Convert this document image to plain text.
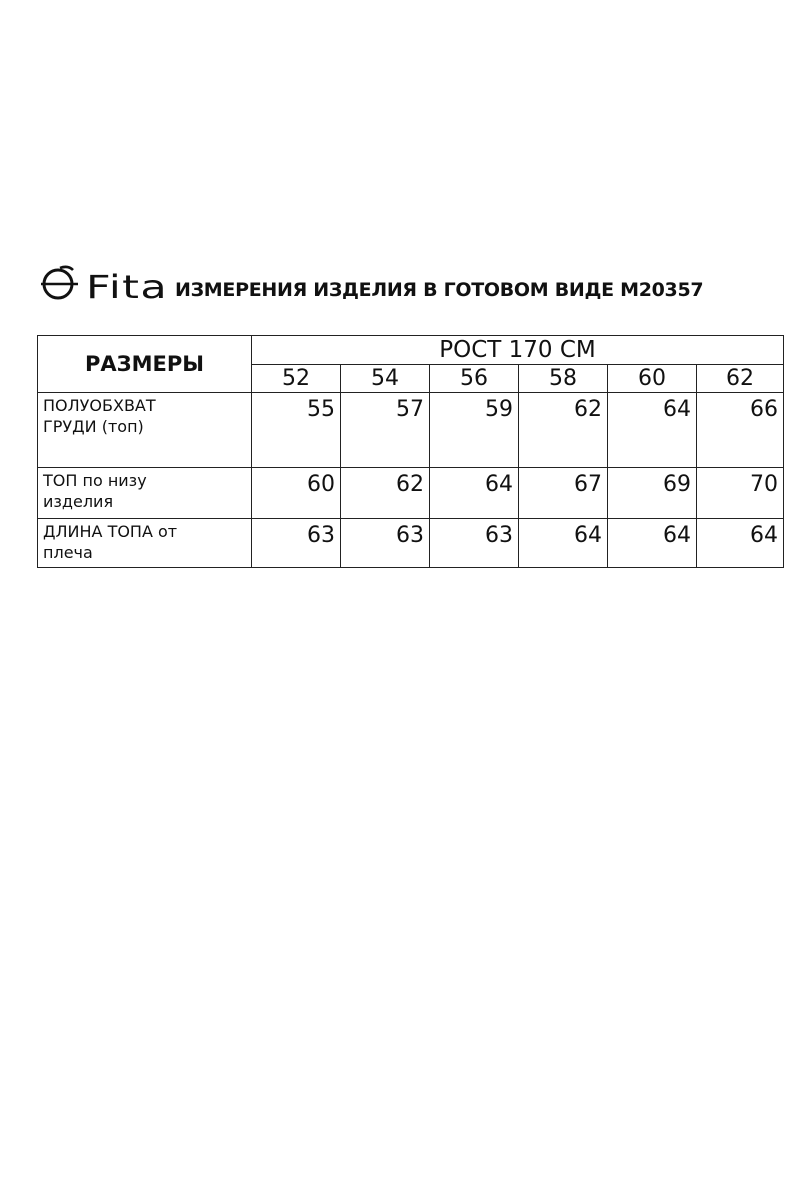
Fita ИЗМЕРЕНИЯ ИЗДЕЛИЯ В ГОТОВОМ ВИДЕ М20357
РАЗМЕРЫ	РОСТ 170 СМ					
	52	54	56	58	60	62

ПОЛУОБХВАТ
ГРУДИ (топ)	55	57	59	62	64	66

ТОП по низу
изделия	60	62	64	67	69	70

ДЛИНА ТОПА от
плеча	63	63	63	64	64	64
